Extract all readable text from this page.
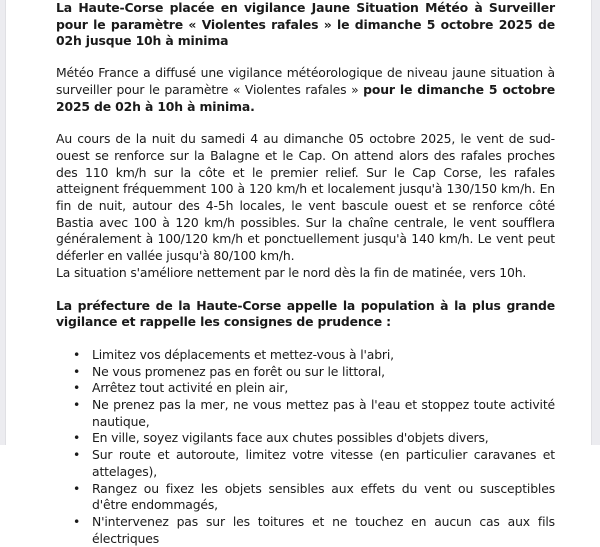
La Haute-Corse placée en vigilance Jaune Situation Météo à Surveiller pour le paramètre « Violentes rafales » le dimanche 5 octobre 2025 de 02h jusque 10h à minima

Météo France a diffusé une vigilance météorologique de niveau jaune situation à surveiller pour le paramètre « Violentes rafales » pour le dimanche 5 octobre 2025 de 02h à 10h à minima.

Au cours de la nuit du samedi 4 au dimanche 05 octobre 2025, le vent de sud-ouest se renforce sur la Balagne et le Cap. On attend alors des rafales proches des 110 km/h sur la côte et le premier relief. Sur le Cap Corse, les rafales atteignent fréquemment 100 à 120 km/h et localement jusqu'à 130/150 km/h. En fin de nuit, autour des 4-5h locales, le vent bascule ouest et se renforce côté Bastia avec 100 à 120 km/h possibles. Sur la chaîne centrale, le vent soufflera généralement à 100/120 km/h et ponctuellement jusqu'à 140 km/h. Le vent peut déferler en vallée jusqu'à 80/100 km/h.

La situation s'améliore nettement par le nord dès la fin de matinée, vers 10h.

La préfecture de la Haute-Corse appelle la population à la plus grande vigilance et rappelle les consignes de prudence :

• Limitez vos déplacements et mettez-vous à l'abri,
• Ne vous promenez pas en forêt ou sur le littoral,
• Arrêtez tout activité en plein air,
• Ne prenez pas la mer, ne vous mettez pas à l'eau et stoppez toute activité nautique,
• En ville, soyez vigilants face aux chutes possibles d'objets divers,
• Sur route et autoroute, limitez votre vitesse (en particulier caravanes et attelages),
• Rangez ou fixez les objets sensibles aux effets du vent ou susceptibles d'être endommagés,
• N'intervenez pas sur les toitures et ne touchez en aucun cas aux fils électriques
